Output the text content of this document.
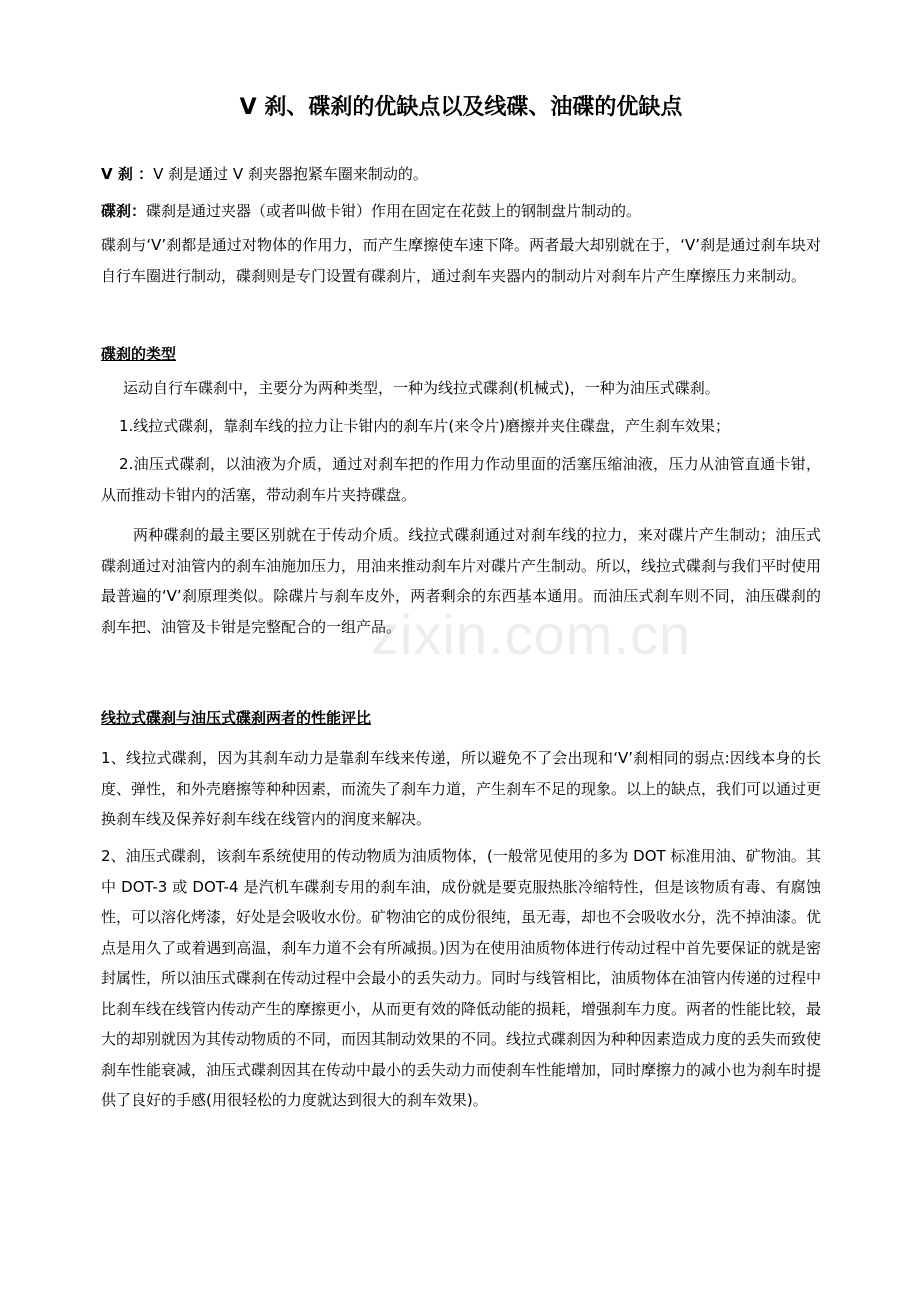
zixin.com.cn
V 刹、碟刹的优缺点以及线碟、油碟的优缺点

V 刹 ：V 刹是通过 V 刹夹器抱紧车圈来制动的。

碟刹：碟刹是通过夹器（或者叫做卡钳）作用在固定在花鼓上的钢制盘片制动的。

碟刹与‘V’刹都是通过对物体的作用力，而产生摩擦使车速下降。两者最大却别就在于，‘V’刹是通过刹车块对自行车圈进行制动，碟刹则是专门设置有碟刹片，通过刹车夹器内的制动片对刹车片产生摩擦压力来制动。

碟刹的类型

运动自行车碟刹中，主要分为两种类型，一种为线拉式碟刹(机械式)，一种为油压式碟刹。

1.线拉式碟刹，靠刹车线的拉力让卡钳内的刹车片(来令片)磨擦并夹住碟盘，产生刹车效果；

2.油压式碟刹，以油液为介质，通过对刹车把的作用力作动里面的活塞压缩油液，压力从油管直通卡钳，从而推动卡钳内的活塞，带动刹车片夹持碟盘。

两种碟刹的最主要区别就在于传动介质。线拉式碟刹通过对刹车线的拉力，来对碟片产生制动；油压式碟刹通过对油管内的刹车油施加压力，用油来推动刹车片对碟片产生制动。所以，线拉式碟刹与我们平时使用最普遍的‘V’刹原理类似。除碟片与刹车皮外，两者剩余的东西基本通用。而油压式刹车则不同，油压碟刹的刹车把、油管及卡钳是完整配合的一组产品。

线拉式碟刹与油压式碟刹两者的性能评比

1、线拉式碟刹，因为其刹车动力是靠刹车线来传递，所以避免不了会出现和‘V’刹相同的弱点:因线本身的长度、弹性，和外壳磨擦等种种因素，而流失了刹车力道，产生刹车不足的现象。以上的缺点，我们可以通过更换刹车线及保养好刹车线在线管内的润度来解决。

2、油压式碟刹，该刹车系统使用的传动物质为油质物体，(一般常见使用的多为 DOT 标准用油、矿物油。其中 DOT-3 或 DOT-4 是汽机车碟刹专用的刹车油，成份就是要克服热胀冷缩特性，但是该物质有毒、有腐蚀性，可以溶化烤漆，好处是会吸收水份。矿物油它的成份很纯，虽无毒，却也不会吸收水分，洗不掉油漆。优点是用久了或着遇到高温，刹车力道不会有所减损。)因为在使用油质物体进行传动过程中首先要保证的就是密封属性，所以油压式碟刹在传动过程中会最小的丢失动力。同时与线管相比，油质物体在油管内传递的过程中比刹车线在线管内传动产生的摩擦更小，从而更有效的降低动能的损耗，增强刹车力度。两者的性能比较，最大的却别就因为其传动物质的不同，而因其制动效果的不同。线拉式碟刹因为种种因素造成力度的丢失而致使刹车性能衰减，油压式碟刹因其在传动中最小的丢失动力而使刹车性能增加，同时摩擦力的减小也为刹车时提供了良好的手感(用很轻松的力度就达到很大的刹车效果)。
